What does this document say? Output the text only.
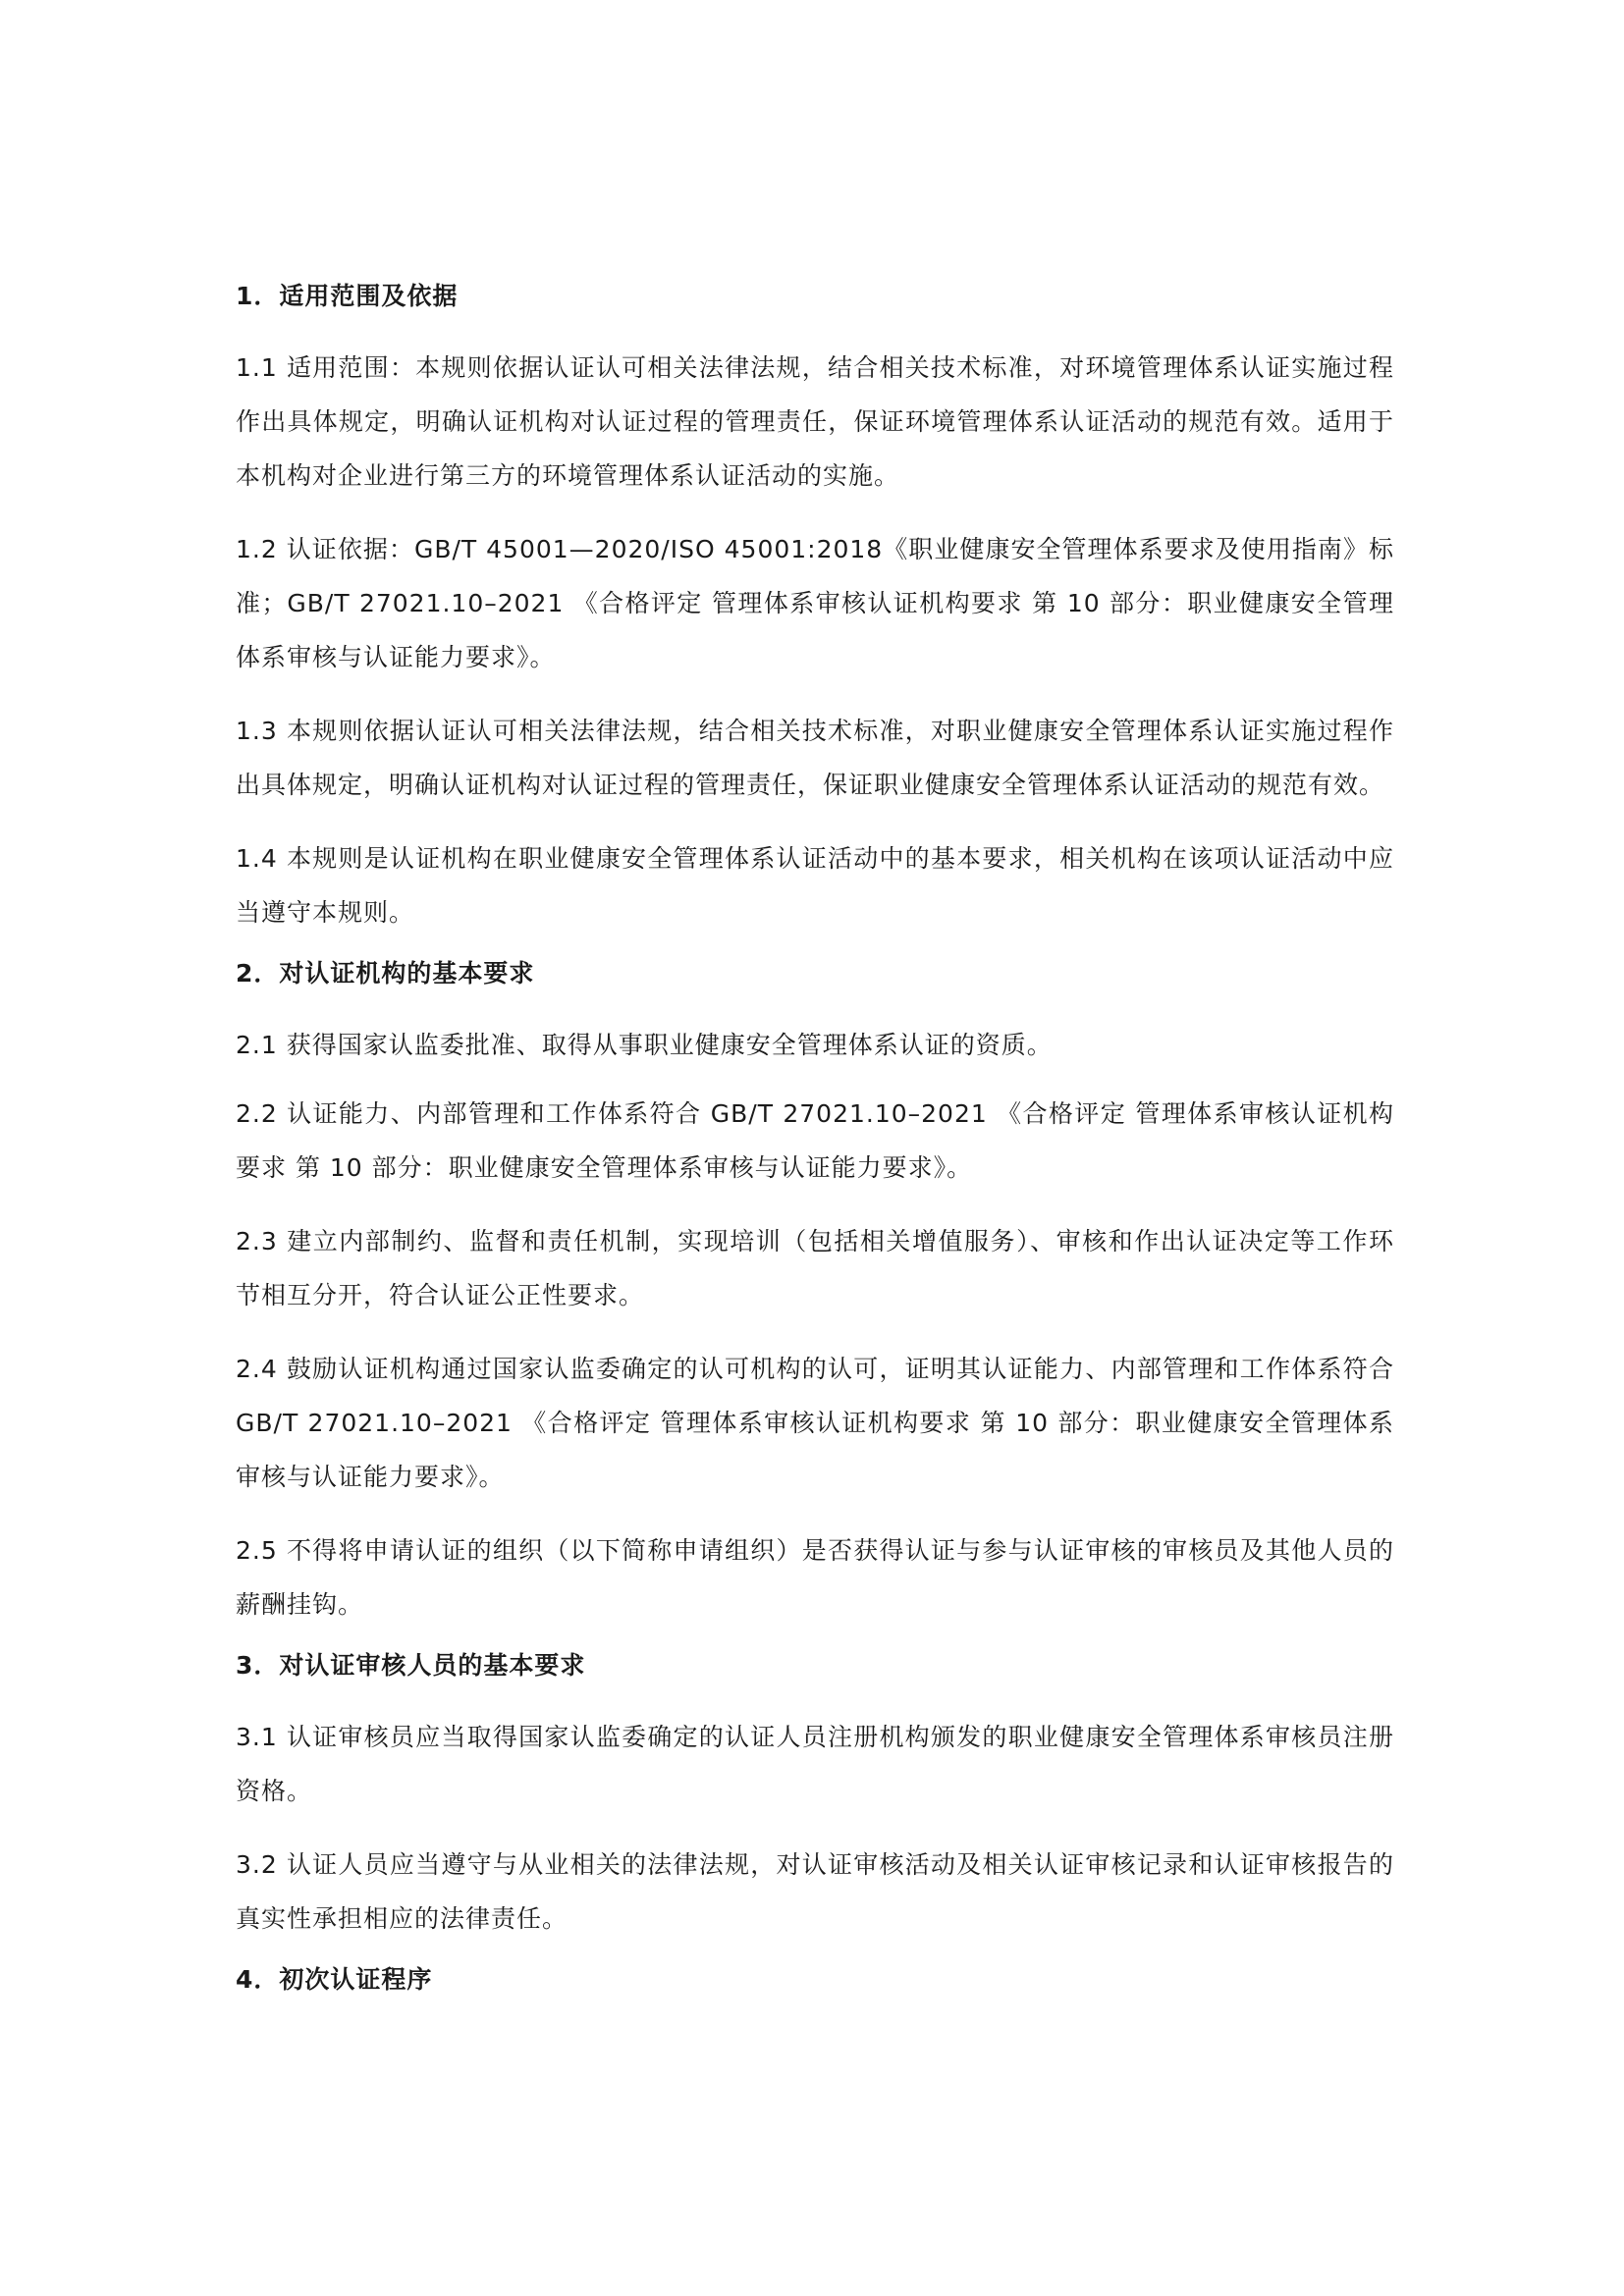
1．适用范围及依据

1.1 适用范围：本规则依据认证认可相关法律法规，结合相关技术标准，对环境管理体系认证实施过程作出具体规定，明确认证机构对认证过程的管理责任，保证环境管理体系认证活动的规范有效。适用于本机构对企业进行第三方的环境管理体系认证活动的实施。

1.2 认证依据：GB/T 45001—2020/ISO 45001:2018《职业健康安全管理体系要求及使用指南》标准；GB/T 27021.10–2021 《合格评定 管理体系审核认证机构要求 第 10 部分：职业健康安全管理体系审核与认证能力要求》。

1.3 本规则依据认证认可相关法律法规，结合相关技术标准，对职业健康安全管理体系认证实施过程作出具体规定，明确认证机构对认证过程的管理责任，保证职业健康安全管理体系认证活动的规范有效。

1.4 本规则是认证机构在职业健康安全管理体系认证活动中的基本要求，相关机构在该项认证活动中应当遵守本规则。

2．对认证机构的基本要求

2.1 获得国家认监委批准、取得从事职业健康安全管理体系认证的资质。

2.2 认证能力、内部管理和工作体系符合 GB/T 27021.10–2021 《合格评定 管理体系审核认证机构要求 第 10 部分：职业健康安全管理体系审核与认证能力要求》。

2.3 建立内部制约、监督和责任机制，实现培训（包括相关增值服务）、审核和作出认证决定等工作环节相互分开，符合认证公正性要求。

2.4 鼓励认证机构通过国家认监委确定的认可机构的认可，证明其认证能力、内部管理和工作体系符合 GB/T 27021.10–2021 《合格评定 管理体系审核认证机构要求 第 10 部分：职业健康安全管理体系审核与认证能力要求》。

2.5 不得将申请认证的组织（以下简称申请组织）是否获得认证与参与认证审核的审核员及其他人员的薪酬挂钩。

3．对认证审核人员的基本要求

3.1 认证审核员应当取得国家认监委确定的认证人员注册机构颁发的职业健康安全管理体系审核员注册资格。

3.2 认证人员应当遵守与从业相关的法律法规，对认证审核活动及相关认证审核记录和认证审核报告的真实性承担相应的法律责任。

4．初次认证程序
